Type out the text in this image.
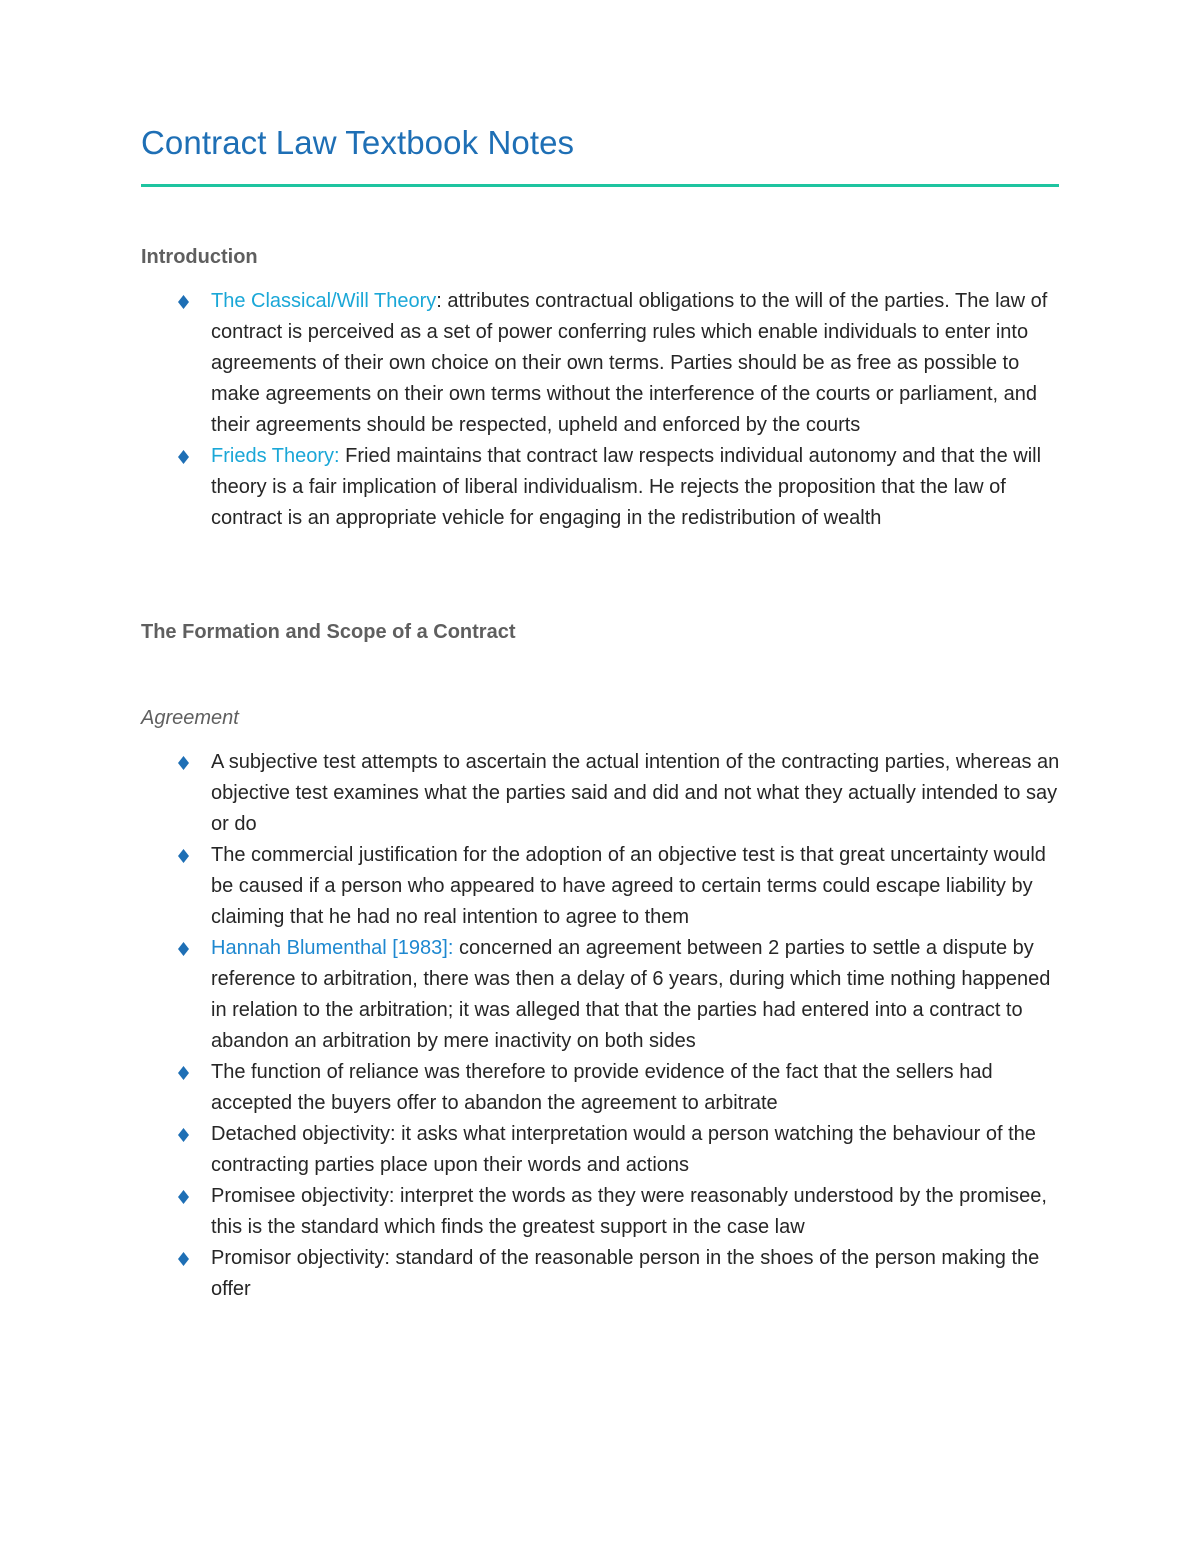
Contract Law Textbook Notes
Introduction
The Classical/Will Theory: attributes contractual obligations to the will of the parties. The law of contract is perceived as a set of power conferring rules which enable individuals to enter into agreements of their own choice on their own terms. Parties should be as free as possible to make agreements on their own terms without the interference of the courts or parliament, and their agreements should be respected, upheld and enforced by the courts
Frieds Theory: Fried maintains that contract law respects individual autonomy and that the will theory is a fair implication of liberal individualism. He rejects the proposition that the law of contract is an appropriate vehicle for engaging in the redistribution of wealth
The Formation and Scope of a Contract
Agreement
A subjective test attempts to ascertain the actual intention of the contracting parties, whereas an objective test examines what the parties said and did and not what they actually intended to say or do
The commercial justification for the adoption of an objective test is that great uncertainty would be caused if a person who appeared to have agreed to certain terms could escape liability by claiming that he had no real intention to agree to them
Hannah Blumenthal [1983]: concerned an agreement between 2 parties to settle a dispute by reference to arbitration, there was then a delay of 6 years, during which time nothing happened in relation to the arbitration; it was alleged that that the parties had entered into a contract to abandon an arbitration by mere inactivity on both sides
The function of reliance was therefore to provide evidence of the fact that the sellers had accepted the buyers offer to abandon the agreement to arbitrate
Detached objectivity: it asks what interpretation would a person watching the behaviour of the contracting parties place upon their words and actions
Promisee objectivity: interpret the words as they were reasonably understood by the promisee, this is the standard which finds the greatest support in the case law
Promisor objectivity: standard of the reasonable person in the shoes of the person making the offer
